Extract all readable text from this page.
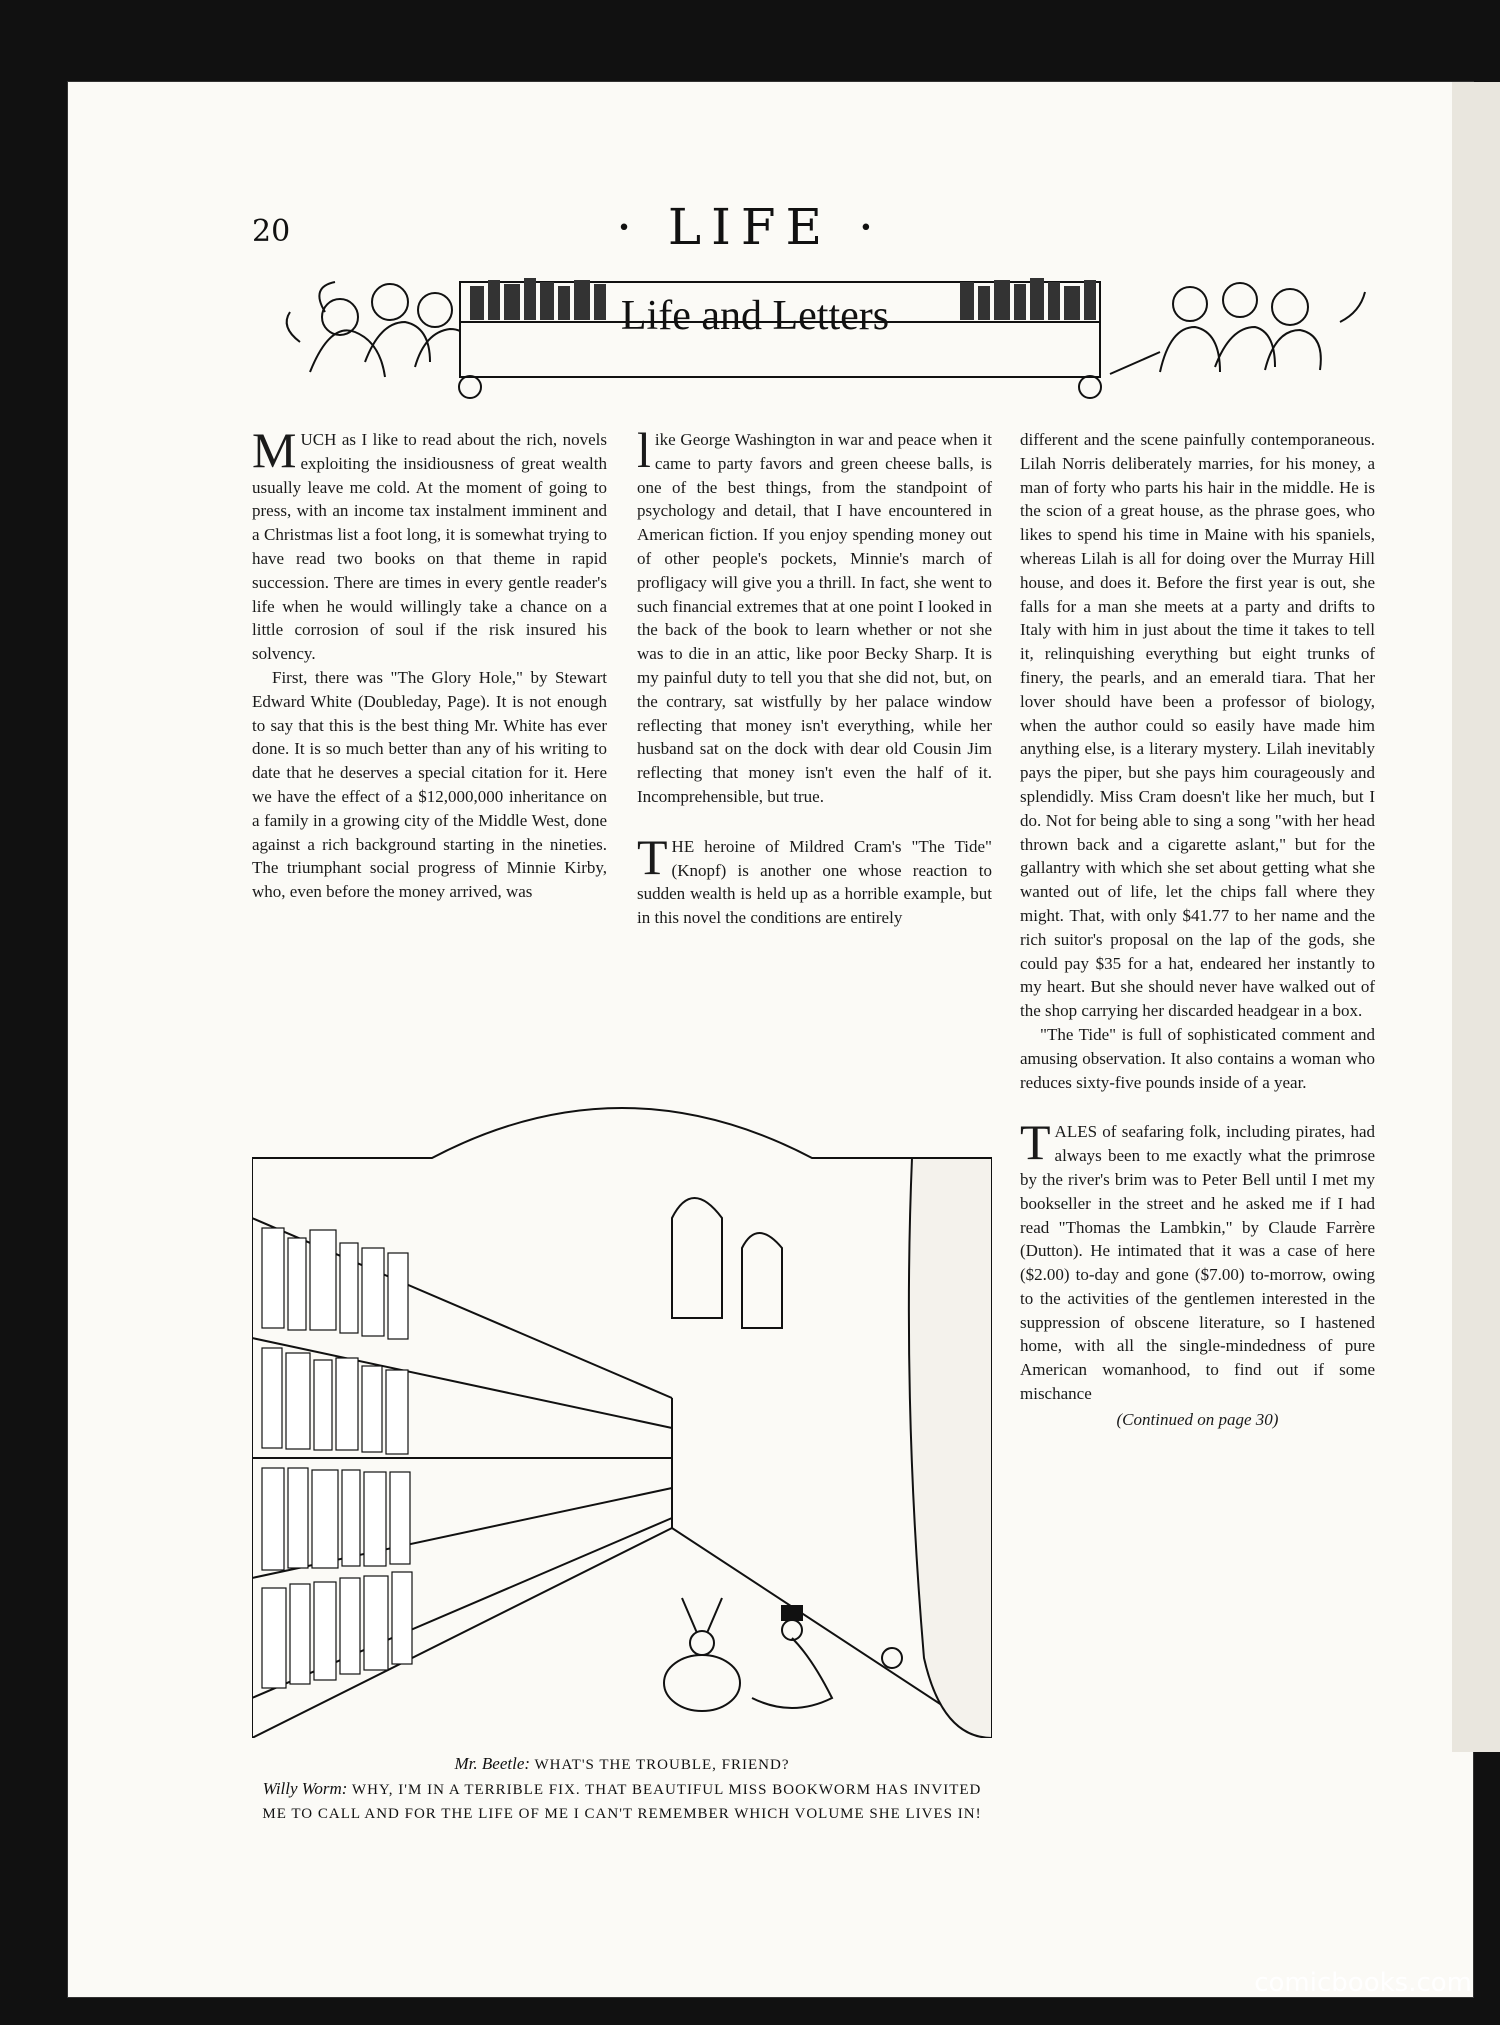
20	· LIFE ·
Life and Letters

MUCH as I like to read about the rich, novels exploiting the insidiousness of great wealth usually leave me cold. At the moment of going to press, with an income tax instalment imminent and a Christmas list a foot long, it is somewhat trying to have read two books on that theme in rapid succession. There are times in every gentle reader's life when he would willingly take a chance on a little corrosion of soul if the risk insured his solvency.

First, there was "The Glory Hole," by Stewart Edward White (Doubleday, Page). It is not enough to say that this is the best thing Mr. White has ever done. It is so much better than any of his writing to date that he deserves a special citation for it. Here we have the effect of a $12,000,000 inheritance on a family in a growing city of the Middle West, done against a rich background starting in the nineties. The triumphant social progress of Minnie Kirby, who, even before the money arrived, was

like George Washington in war and peace when it came to party favors and green cheese balls, is one of the best things, from the standpoint of psychology and detail, that I have encountered in American fiction. If you enjoy spending money out of other people's pockets, Minnie's march of profligacy will give you a thrill. In fact, she went to such financial extremes that at one point I looked in the back of the book to learn whether or not she was to die in an attic, like poor Becky Sharp. It is my painful duty to tell you that she did not, but, on the contrary, sat wistfully by her palace window reflecting that money isn't everything, while her husband sat on the dock with dear old Cousin Jim reflecting that money isn't even the half of it. Incomprehensible, but true.

THE heroine of Mildred Cram's "The Tide" (Knopf) is another one whose reaction to sudden wealth is held up as a horrible example, but in this novel the conditions are entirely

different and the scene painfully contemporaneous. Lilah Norris deliberately marries, for his money, a man of forty who parts his hair in the middle. He is the scion of a great house, as the phrase goes, who likes to spend his time in Maine with his spaniels, whereas Lilah is all for doing over the Murray Hill house, and does it. Before the first year is out, she falls for a man she meets at a party and drifts to Italy with him in just about the time it takes to tell it, relinquishing everything but eight trunks of finery, the pearls, and an emerald tiara. That her lover should have been a professor of biology, when the author could so easily have made him anything else, is a literary mystery. Lilah inevitably pays the piper, but she pays him courageously and splendidly. Miss Cram doesn't like her much, but I do. Not for being able to sing a song "with her head thrown back and a cigarette aslant," but for the gallantry with which she set about getting what she wanted out of life, let the chips fall where they might. That, with only $41.77 to her name and the rich suitor's proposal on the lap of the gods, she could pay $35 for a hat, endeared her instantly to my heart. But she should never have walked out of the shop carrying her discarded headgear in a box.

"The Tide" is full of sophisticated comment and amusing observation. It also contains a woman who reduces sixty-five pounds inside of a year.

TALES of seafaring folk, including pirates, had always been to me exactly what the primrose by the river's brim was to Peter Bell until I met my bookseller in the street and he asked me if I had read "Thomas the Lambkin," by Claude Farrère (Dutton). He intimated that it was a case of here ($2.00) to-day and gone ($7.00) to-morrow, owing to the activities of the gentlemen interested in the suppression of obscene literature, so I hastened home, with all the single-mindedness of pure American womanhood, to find out if some mischance

(Continued on page 30)
Mr. Beetle: WHAT'S THE TROUBLE, FRIEND?
Willy Worm: WHY, I'M IN A TERRIBLE FIX. THAT BEAUTIFUL MISS BOOKWORM HAS INVITED ME TO CALL AND FOR THE LIFE OF ME I CAN'T REMEMBER WHICH VOLUME SHE LIVES IN!
comicbooks.com
